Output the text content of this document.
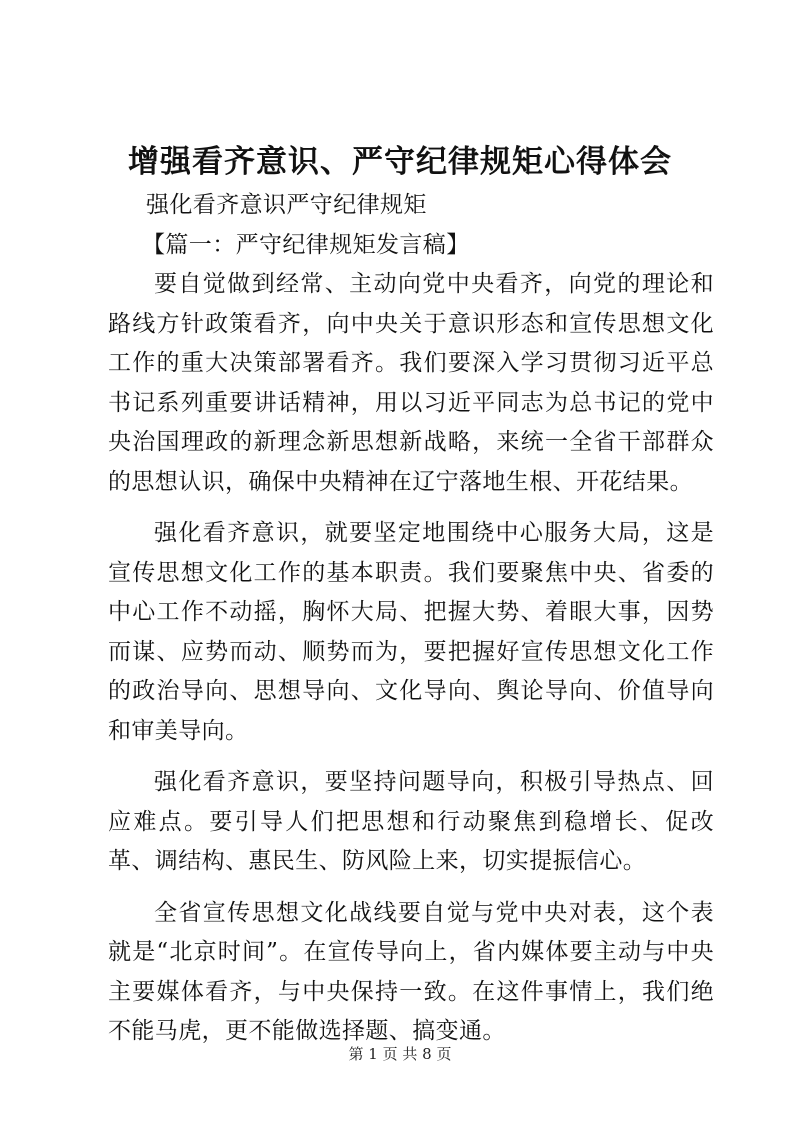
增强看齐意识、严守纪律规矩心得体会

强化看齐意识严守纪律规矩

【篇一：严守纪律规矩发言稿】

要自觉做到经常、主动向党中央看齐，向党的理论和路线方针政策看齐，向中央关于意识形态和宣传思想文化工作的重大决策部署看齐。我们要深入学习贯彻习近平总书记系列重要讲话精神，用以习近平同志为总书记的党中央治国理政的新理念新思想新战略，来统一全省干部群众的思想认识，确保中央精神在辽宁落地生根、开花结果。

强化看齐意识，就要坚定地围绕中心服务大局，这是宣传思想文化工作的基本职责。我们要聚焦中央、省委的中心工作不动摇，胸怀大局、把握大势、着眼大事，因势而谋、应势而动、顺势而为，要把握好宣传思想文化工作的政治导向、思想导向、文化导向、舆论导向、价值导向和审美导向。

强化看齐意识，要坚持问题导向，积极引导热点、回应难点。要引导人们把思想和行动聚焦到稳增长、促改革、调结构、惠民生、防风险上来，切实提振信心。

全省宣传思想文化战线要自觉与党中央对表，这个表就是“北京时间”。在宣传导向上，省内媒体要主动与中央主要媒体看齐，与中央保持一致。在这件事情上，我们绝不能马虎，更不能做选择题、搞变通。

第 1 页 共 8 页
